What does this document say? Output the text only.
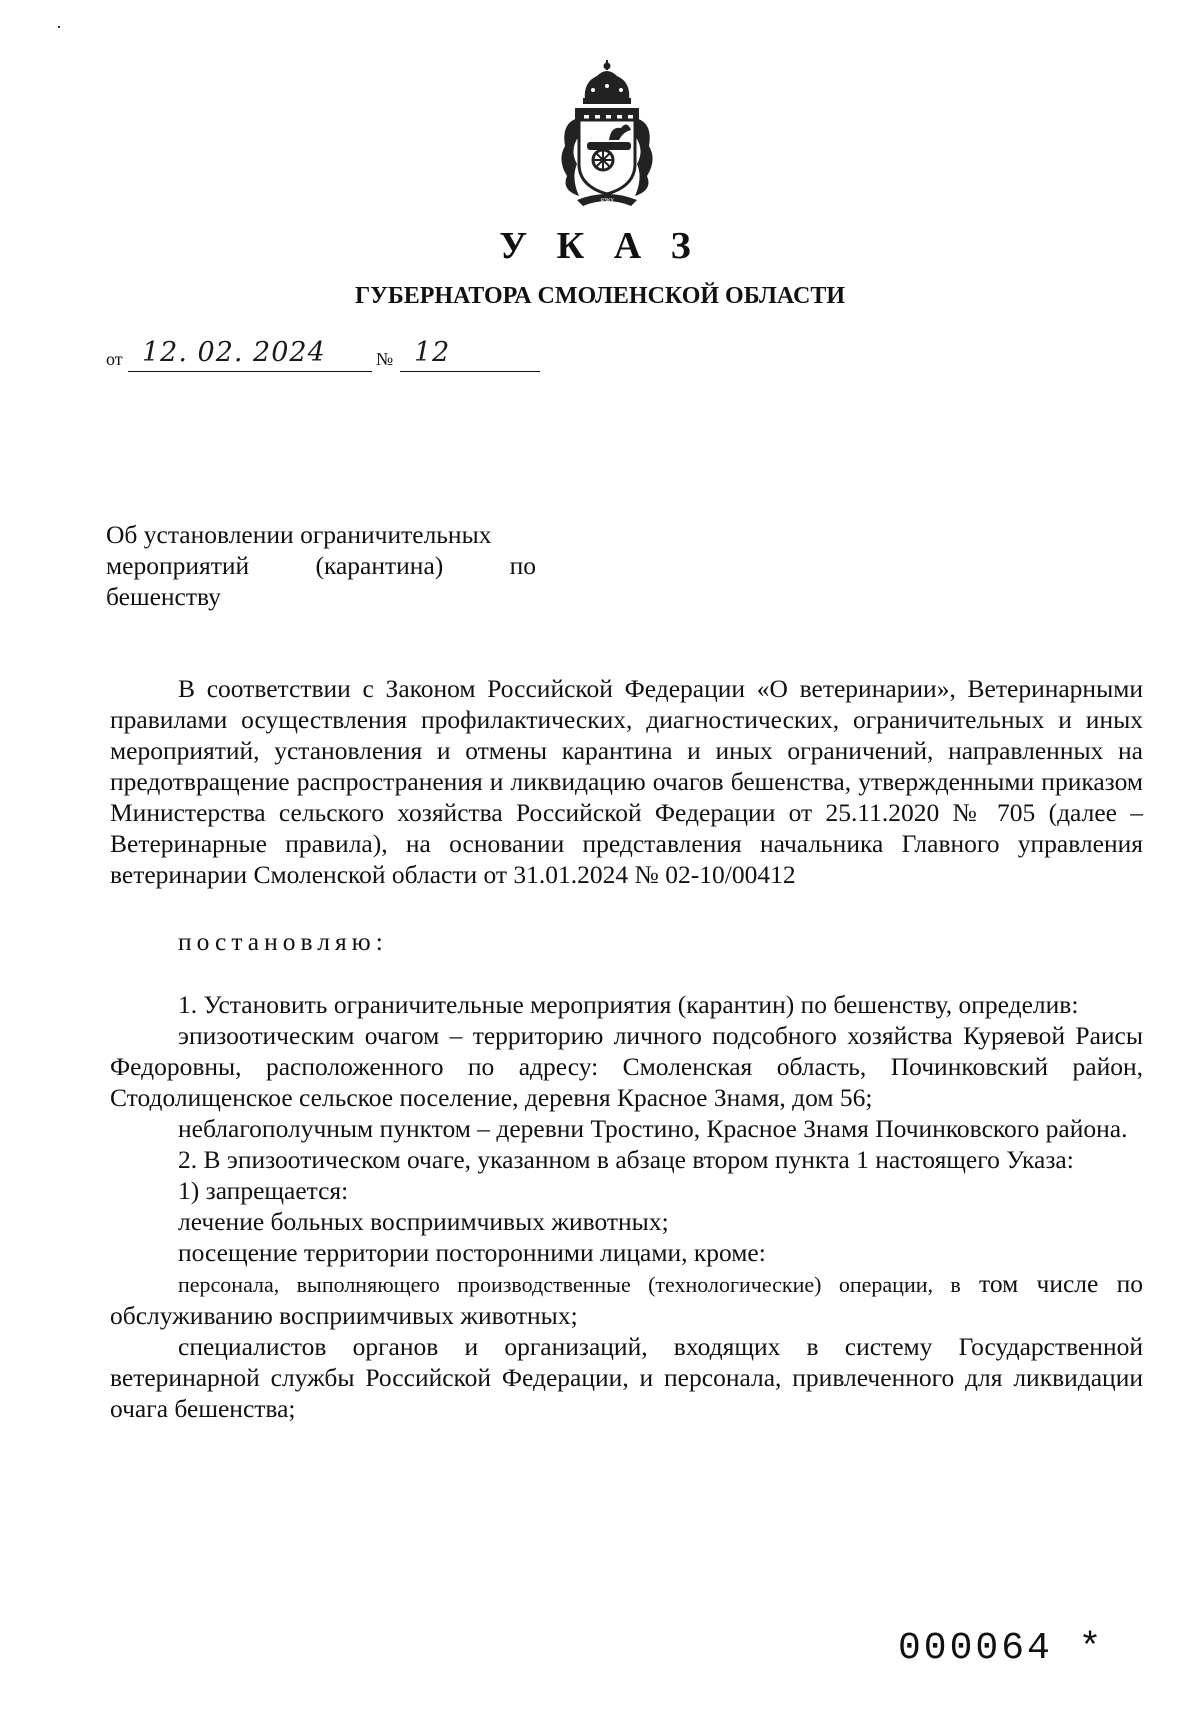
ЯЗКУ
У К А З
ГУБЕРНАТОРА СМОЛЕНСКОЙ ОБЛАСТИ
от 12. 02. 2024	№ 12
Об установлении ограничительных
мероприятий	(карантина)	по
бешенству

В соответствии с Законом Российской Федерации «О ветеринарии», Ветеринарными правилами осуществления профилактических, диагностических, ограничительных и иных мероприятий, установления и отмены карантина и иных ограничений, направленных на предотвращение распространения и ликвидацию очагов бешенства, утвержденными приказом Министерства сельского хозяйства Российской Федерации от 25.11.2020 № 705 (далее – Ветеринарные правила), на основании представления начальника Главного управления ветеринарии Смоленской области от 31.01.2024 № 02-10/00412

постановляю:

1. Установить ограничительные мероприятия (карантин) по бешенству, определив:

эпизоотическим очагом – территорию личного подсобного хозяйства Куряевой Раисы Федоровны, расположенного по адресу: Смоленская область, Починковский район, Стодолищенское сельское поселение, деревня Красное Знамя, дом 56;

неблагополучным пунктом – деревни Тростино, Красное Знамя Починковского района.

2. В эпизоотическом очаге, указанном в абзаце втором пункта 1 настоящего Указа:

1) запрещается:

лечение больных восприимчивых животных;

посещение территории посторонними лицами, кроме:

персонала, выполняющего производственные (технологические) операции, в том числе по обслуживанию восприимчивых животных;

специалистов органов и организаций, входящих в систему Государственной ветеринарной службы Российской Федерации, и персонала, привлеченного для ликвидации очага бешенства;

000064 *
